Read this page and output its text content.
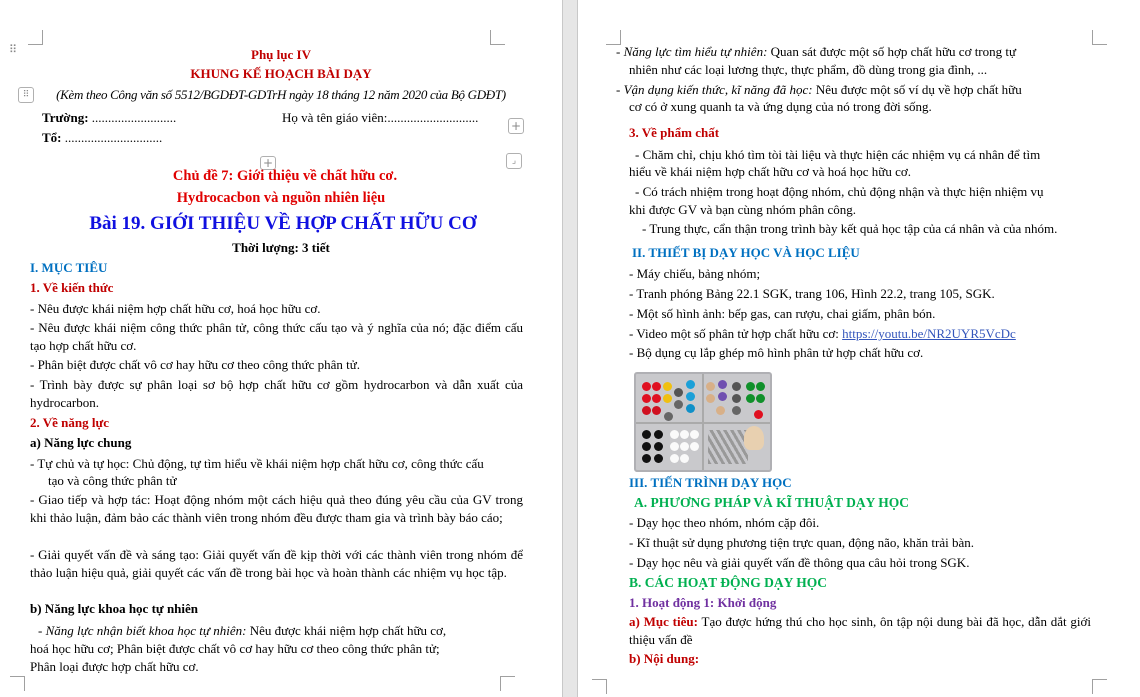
⠿
⠿
+
+	⌟
Phụ lục IV
KHUNG KẾ HOẠCH BÀI DẠY
(Kèm theo Công văn số 5512/BGDĐT-GDTrH ngày 18 tháng 12 năm 2020 của Bộ GDĐT)
Trường: ..........................	Họ và tên giáo viên:............................
Tổ: ..............................
Chủ đề 7: Giới thiệu về chất hữu cơ.
Hydrocacbon và nguồn nhiên liệu
Bài 19. GIỚI THIỆU VỀ HỢP CHẤT HỮU CƠ
Thời lượng: 3 tiết
I. MỤC TIÊU
1. Về kiến thức
- Nêu được khái niệm hợp chất hữu cơ, hoá học hữu cơ.
- Nêu được khái niệm công thức phân tử, công thức cấu tạo và ý nghĩa của nó; đặc điểm cấu tạo hợp chất hữu cơ.
- Phân biệt được chất vô cơ hay hữu cơ theo công thức phân tử.
- Trình bày được sự phân loại sơ bộ hợp chất hữu cơ gồm hydrocarbon và dẫn xuất của hydrocarbon.
2. Về năng lực
a) Năng lực chung
- Tự chủ và tự học: Chủ động, tự tìm hiểu về khái niệm hợp chất hữu cơ, công thức cấu
tạo và công thức phân tử
- Giao tiếp và hợp tác: Hoạt động nhóm một cách hiệu quả theo đúng yêu cầu của GV trong khi thảo luận, đảm bảo các thành viên trong nhóm đều được tham gia và trình bày báo cáo;
- Giải quyết vấn đề và sáng tạo: Giải quyết vấn đề kịp thời với các thành viên trong nhóm để thảo luận hiệu quả, giải quyết các vấn đề trong bài học và hoàn thành các nhiệm vụ học tập.
b) Năng lực khoa học tự nhiên
- Năng lực nhận biết khoa học tự nhiên: Nêu được khái niệm hợp chất hữu cơ,
hoá học hữu cơ; Phân biệt được chất vô cơ hay hữu cơ theo công thức phân tử;
Phân loại được hợp chất hữu cơ.
- Năng lực tìm hiểu tự nhiên: Quan sát được một số hợp chất hữu cơ trong tự
nhiên như các loại lương thực, thực phẩm, đồ dùng trong gia đình, ...
- Vận dụng kiến thức, kĩ năng đã học: Nêu được một số ví dụ về hợp chất hữu
cơ có ở xung quanh ta và ứng dụng của nó trong đời sống.
3. Về phẩm chất
- Chăm chỉ, chịu khó tìm tòi tài liệu và thực hiện các nhiệm vụ cá nhân để tìm
hiểu về khái niệm hợp chất hữu cơ và hoá học hữu cơ.
- Có trách nhiệm trong hoạt động nhóm, chủ động nhận và thực hiện nhiệm vụ
khi được GV và bạn cùng nhóm phân công.
- Trung thực, cẩn thận trong trình bày kết quả học tập của cá nhân và của nhóm.
II. THIẾT BỊ DẠY HỌC VÀ HỌC LIỆU
- Máy chiếu, bảng nhóm;
- Tranh phóng Bảng 22.1 SGK, trang 106, Hình 22.2, trang 105, SGK.
- Một số hình ảnh: bếp gas, can rượu, chai giấm, phân bón.
- Video một số phân tử hợp chất hữu cơ: https://youtu.be/NR2UYR5VcDc
- Bộ dụng cụ lắp ghép mô hình phân tử hợp chất hữu cơ.
III. TIẾN TRÌNH DẠY HỌC
A. PHƯƠNG PHÁP VÀ KĨ THUẬT DẠY HỌC
- Dạy học theo nhóm, nhóm cặp đôi.
- Kĩ thuật sử dụng phương tiện trực quan, động não, khăn trải bàn.
- Dạy học nêu và giải quyết vấn đề thông qua câu hỏi trong SGK.
B. CÁC HOẠT ĐỘNG DẠY HỌC
1. Hoạt động 1: Khởi động
a) Mục tiêu: Tạo được hứng thú cho học sinh, ôn tập nội dung bài đã học, dẫn dắt giới thiệu vấn đề
b) Nội dung:
